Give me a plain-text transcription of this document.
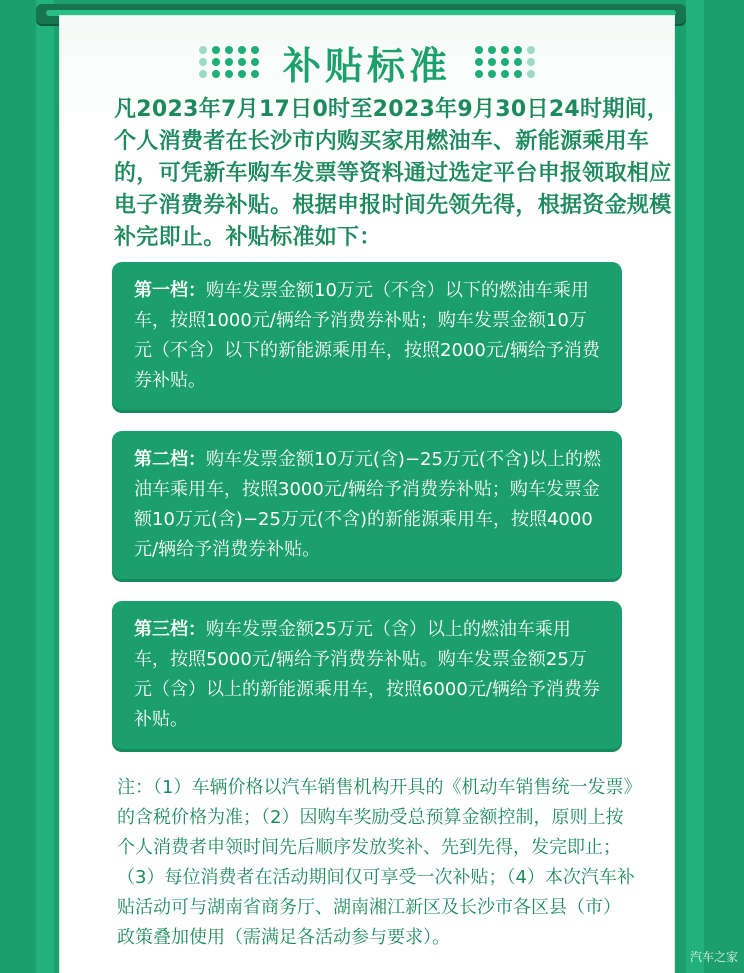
补贴标准

凡2023年7月17日0时至2023年9月30日24时期间，个人消费者在长沙市内购买家用燃油车、新能源乘用车的，可凭新车购车发票等资料通过选定平台申报领取相应电子消费券补贴。根据申报时间先领先得，根据资金规模补完即止。补贴标准如下：

第一档：购车发票金额10万元（不含）以下的燃油车乘用车，按照1000元/辆给予消费券补贴；购车发票金额10万元（不含）以下的新能源乘用车，按照2000元/辆给予消费券补贴。
第二档：购车发票金额10万元(含)−25万元(不含)以上的燃油车乘用车，按照3000元/辆给予消费券补贴；购车发票金额10万元(含)−25万元(不含)的新能源乘用车，按照4000元/辆给予消费券补贴。
第三档：购车发票金额25万元（含）以上的燃油车乘用车，按照5000元/辆给予消费券补贴。购车发票金额25万元（含）以上的新能源乘用车，按照6000元/辆给予消费券补贴。

注：（1）车辆价格以汽车销售机构开具的《机动车销售统一发票》的含税价格为准；（2）因购车奖励受总预算金额控制，原则上按个人消费者申领时间先后顺序发放奖补、先到先得，发完即止；（3）每位消费者在活动期间仅可享受一次补贴；（4）本次汽车补贴活动可与湖南省商务厅、湖南湘江新区及长沙市各区县（市）政策叠加使用（需满足各活动参与要求）。

汽车之家
